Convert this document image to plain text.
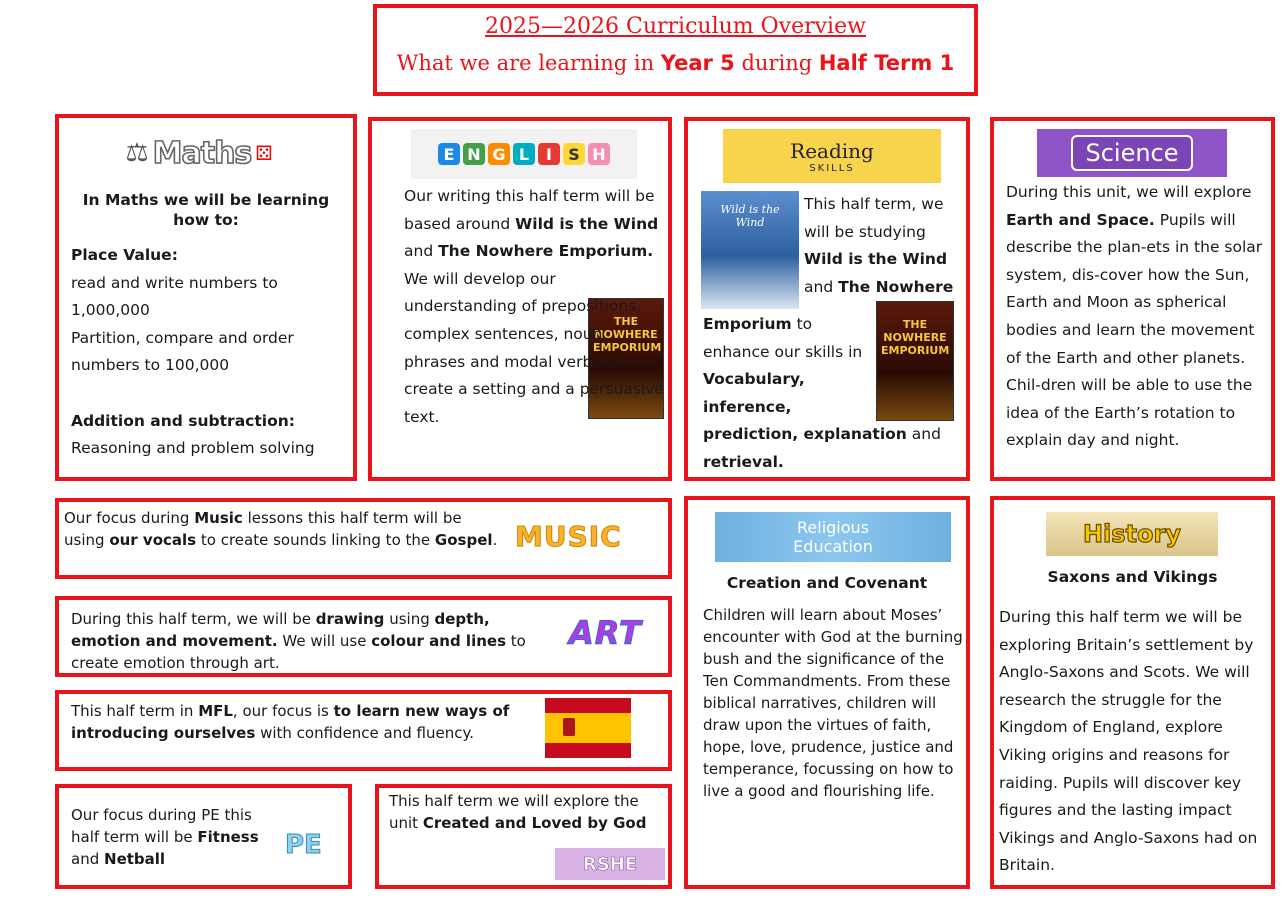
2025—2026 Curriculum Overview
What we are learning in Year 5 during Half Term 1
⚖ Maths ⚄
In Maths we will be learning how to:
Place Value:
read and write numbers to
1,000,000
Partition, compare and order
numbers to 100,000
Addition and subtraction:
Reasoning and problem solving
E N G L	I	S H
THE NOWHERE EMPORIUM
Our writing this half term will be based around Wild is the Wind and The Nowhere Emporium. We will develop our understanding of prepositions, complex sentences, noun phrases and modal verbs to create a setting and a persuasive text.
Reading
SKILLS
Wild is the Wind
THE NOWHERE EMPORIUM
This half term, we will be studying Wild is the Wind and The Nowhere
Emporium to enhance our skills in Vocabulary, inference,
prediction, explanation and retrieval.
Science
During this unit, we will explore Earth and Space. Pupils will describe the plan-ets in the solar system, dis-cover how the Sun, Earth and Moon as spherical bodies and learn the movement of the Earth and other planets. Chil-dren will be able to use the idea of the Earth’s rotation to explain day and night.
Our focus during Music lessons this half term will be using our vocals to create sounds linking to the Gospel. MUSIC
During this half term, we will be drawing using depth, emotion and movement. We will use colour and lines to create emotion through art.
ART
This half term in MFL, our focus is to learn new ways of introducing ourselves with confidence and fluency.
Our focus during PE this half term will be Fitness and Netball	PE
This half term we will explore the unit Created and Loved by God
RSHE
Religious
Education
Creation and Covenant
Children will learn about Moses’ encounter with God at the burning bush and the significance of the Ten Commandments. From these biblical narratives, children will draw upon the virtues of faith, hope, love, prudence, justice and temperance, focussing on how to live a good and flourishing life.
History
Saxons and Vikings
During this half term we will be exploring Britain’s settlement by Anglo-Saxons and Scots. We will research the struggle for the Kingdom of England, explore Viking origins and reasons for raiding. Pupils will discover key figures and the lasting impact Vikings and Anglo-Saxons had on Britain.
